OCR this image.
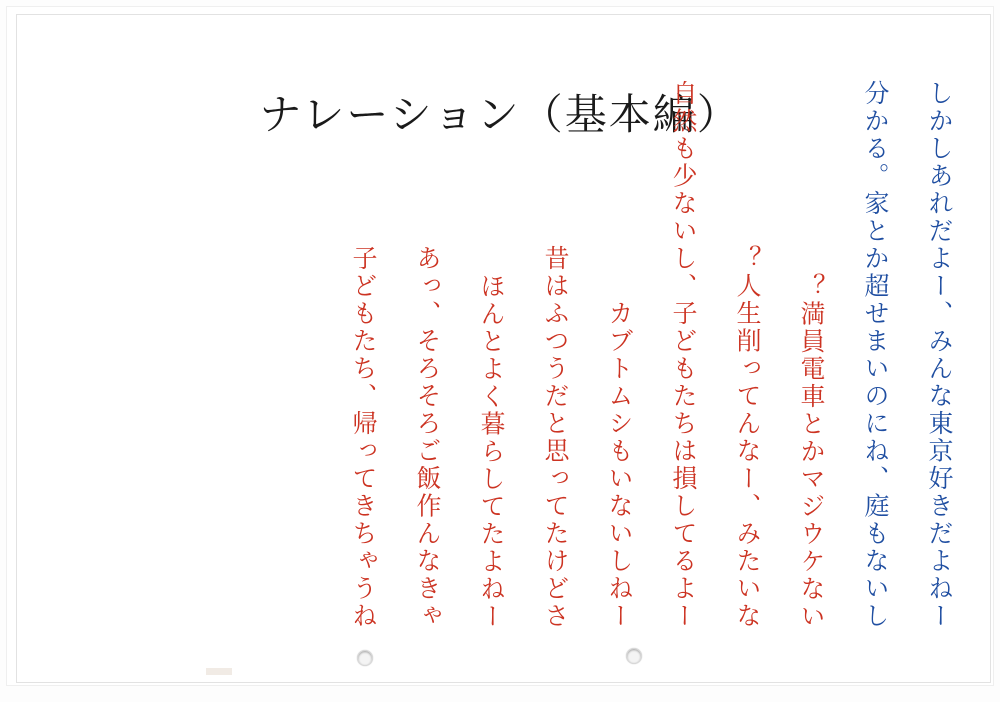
ナレーション（基本編）	しかしあれだよー、みんな東京好きだよねー
分かる。家とか超せまいのにね、庭もないし
満員電車とかマジウケない？
人生削ってんなー、みたいな？
自然も少ないし、子どもたちは損してるよー
カブトムシもいないしねー
昔はふつうだと思ってたけどさ
ほんとよく暮らしてたよねー
あっ、そろそろご飯作んなきゃ
子どもたち、帰ってきちゃうね
